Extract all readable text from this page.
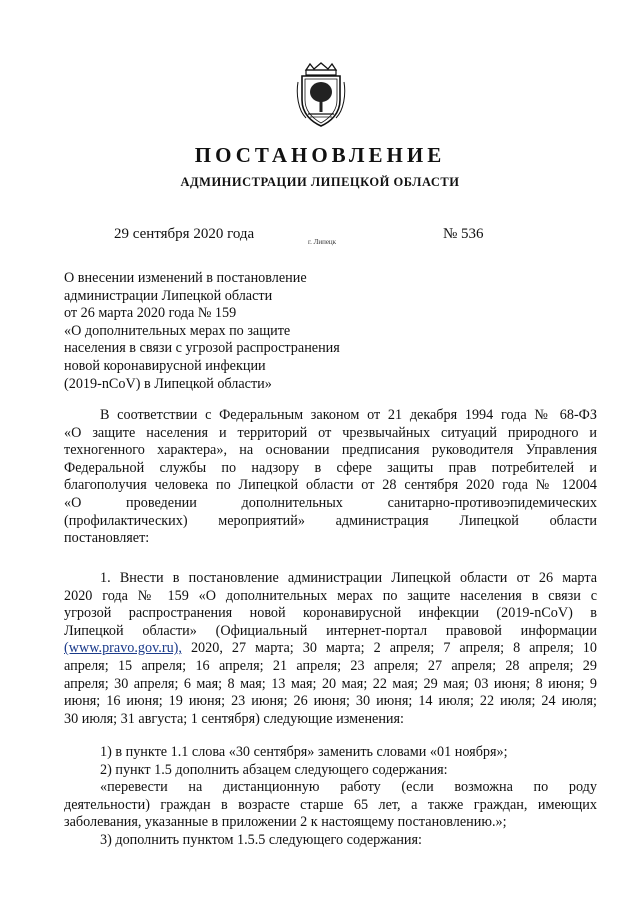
ПОСТАНОВЛЕНИЕ
АДМИНИСТРАЦИИ ЛИПЕЦКОЙ ОБЛАСТИ
29 сентября 2020 года	г. Липецк	№ 536
О внесении изменений в постановление
администрации Липецкой области
от 26 марта 2020 года № 159
«О дополнительных мерах по защите
населения в связи с угрозой распространения
новой коронавирусной инфекции
(2019-nCoV) в Липецкой области»
В соответствии с Федеральным законом от 21 декабря 1994 года № 68-ФЗ
«О защите населения и территорий от чрезвычайных ситуаций природного и
техногенного характера», на основании предписания руководителя Управления
Федеральной службы по надзору в сфере защиты прав потребителей и
благополучия человека по Липецкой области от 28 сентября 2020 года № 12004
«О проведении дополнительных санитарно-противоэпидемических
(профилактических) мероприятий» администрация Липецкой области
постановляет:
1. Внести в постановление администрации Липецкой области от 26 марта
2020 года № 159 «О дополнительных мерах по защите населения в связи с
угрозой распространения новой коронавирусной инфекции (2019-nCoV) в
Липецкой области» (Официальный интернет-портал правовой информации
(www.pravo.gov.ru), 2020, 27 марта; 30 марта; 2 апреля; 7 апреля; 8 апреля; 10
апреля; 15 апреля; 16 апреля; 21 апреля; 23 апреля; 27 апреля; 28 апреля; 29
апреля; 30 апреля; 6 мая; 8 мая; 13 мая; 20 мая; 22 мая; 29 мая; 03 июня; 8 июня; 9
июня; 16 июня; 19 июня; 23 июня; 26 июня; 30 июня; 14 июля; 22 июля; 24 июля;
30 июля; 31 августа; 1 сентября) следующие изменения:
1) в пункте 1.1 слова «30 сентября» заменить словами «01 ноября»;
2) пункт 1.5 дополнить абзацем следующего содержания:
«перевести на дистанционную работу (если возможна по роду
деятельности) граждан в возрасте старше 65 лет, а также граждан, имеющих
заболевания, указанные в приложении 2 к настоящему постановлению.»;
3) дополнить пунктом 1.5.5 следующего содержания:
